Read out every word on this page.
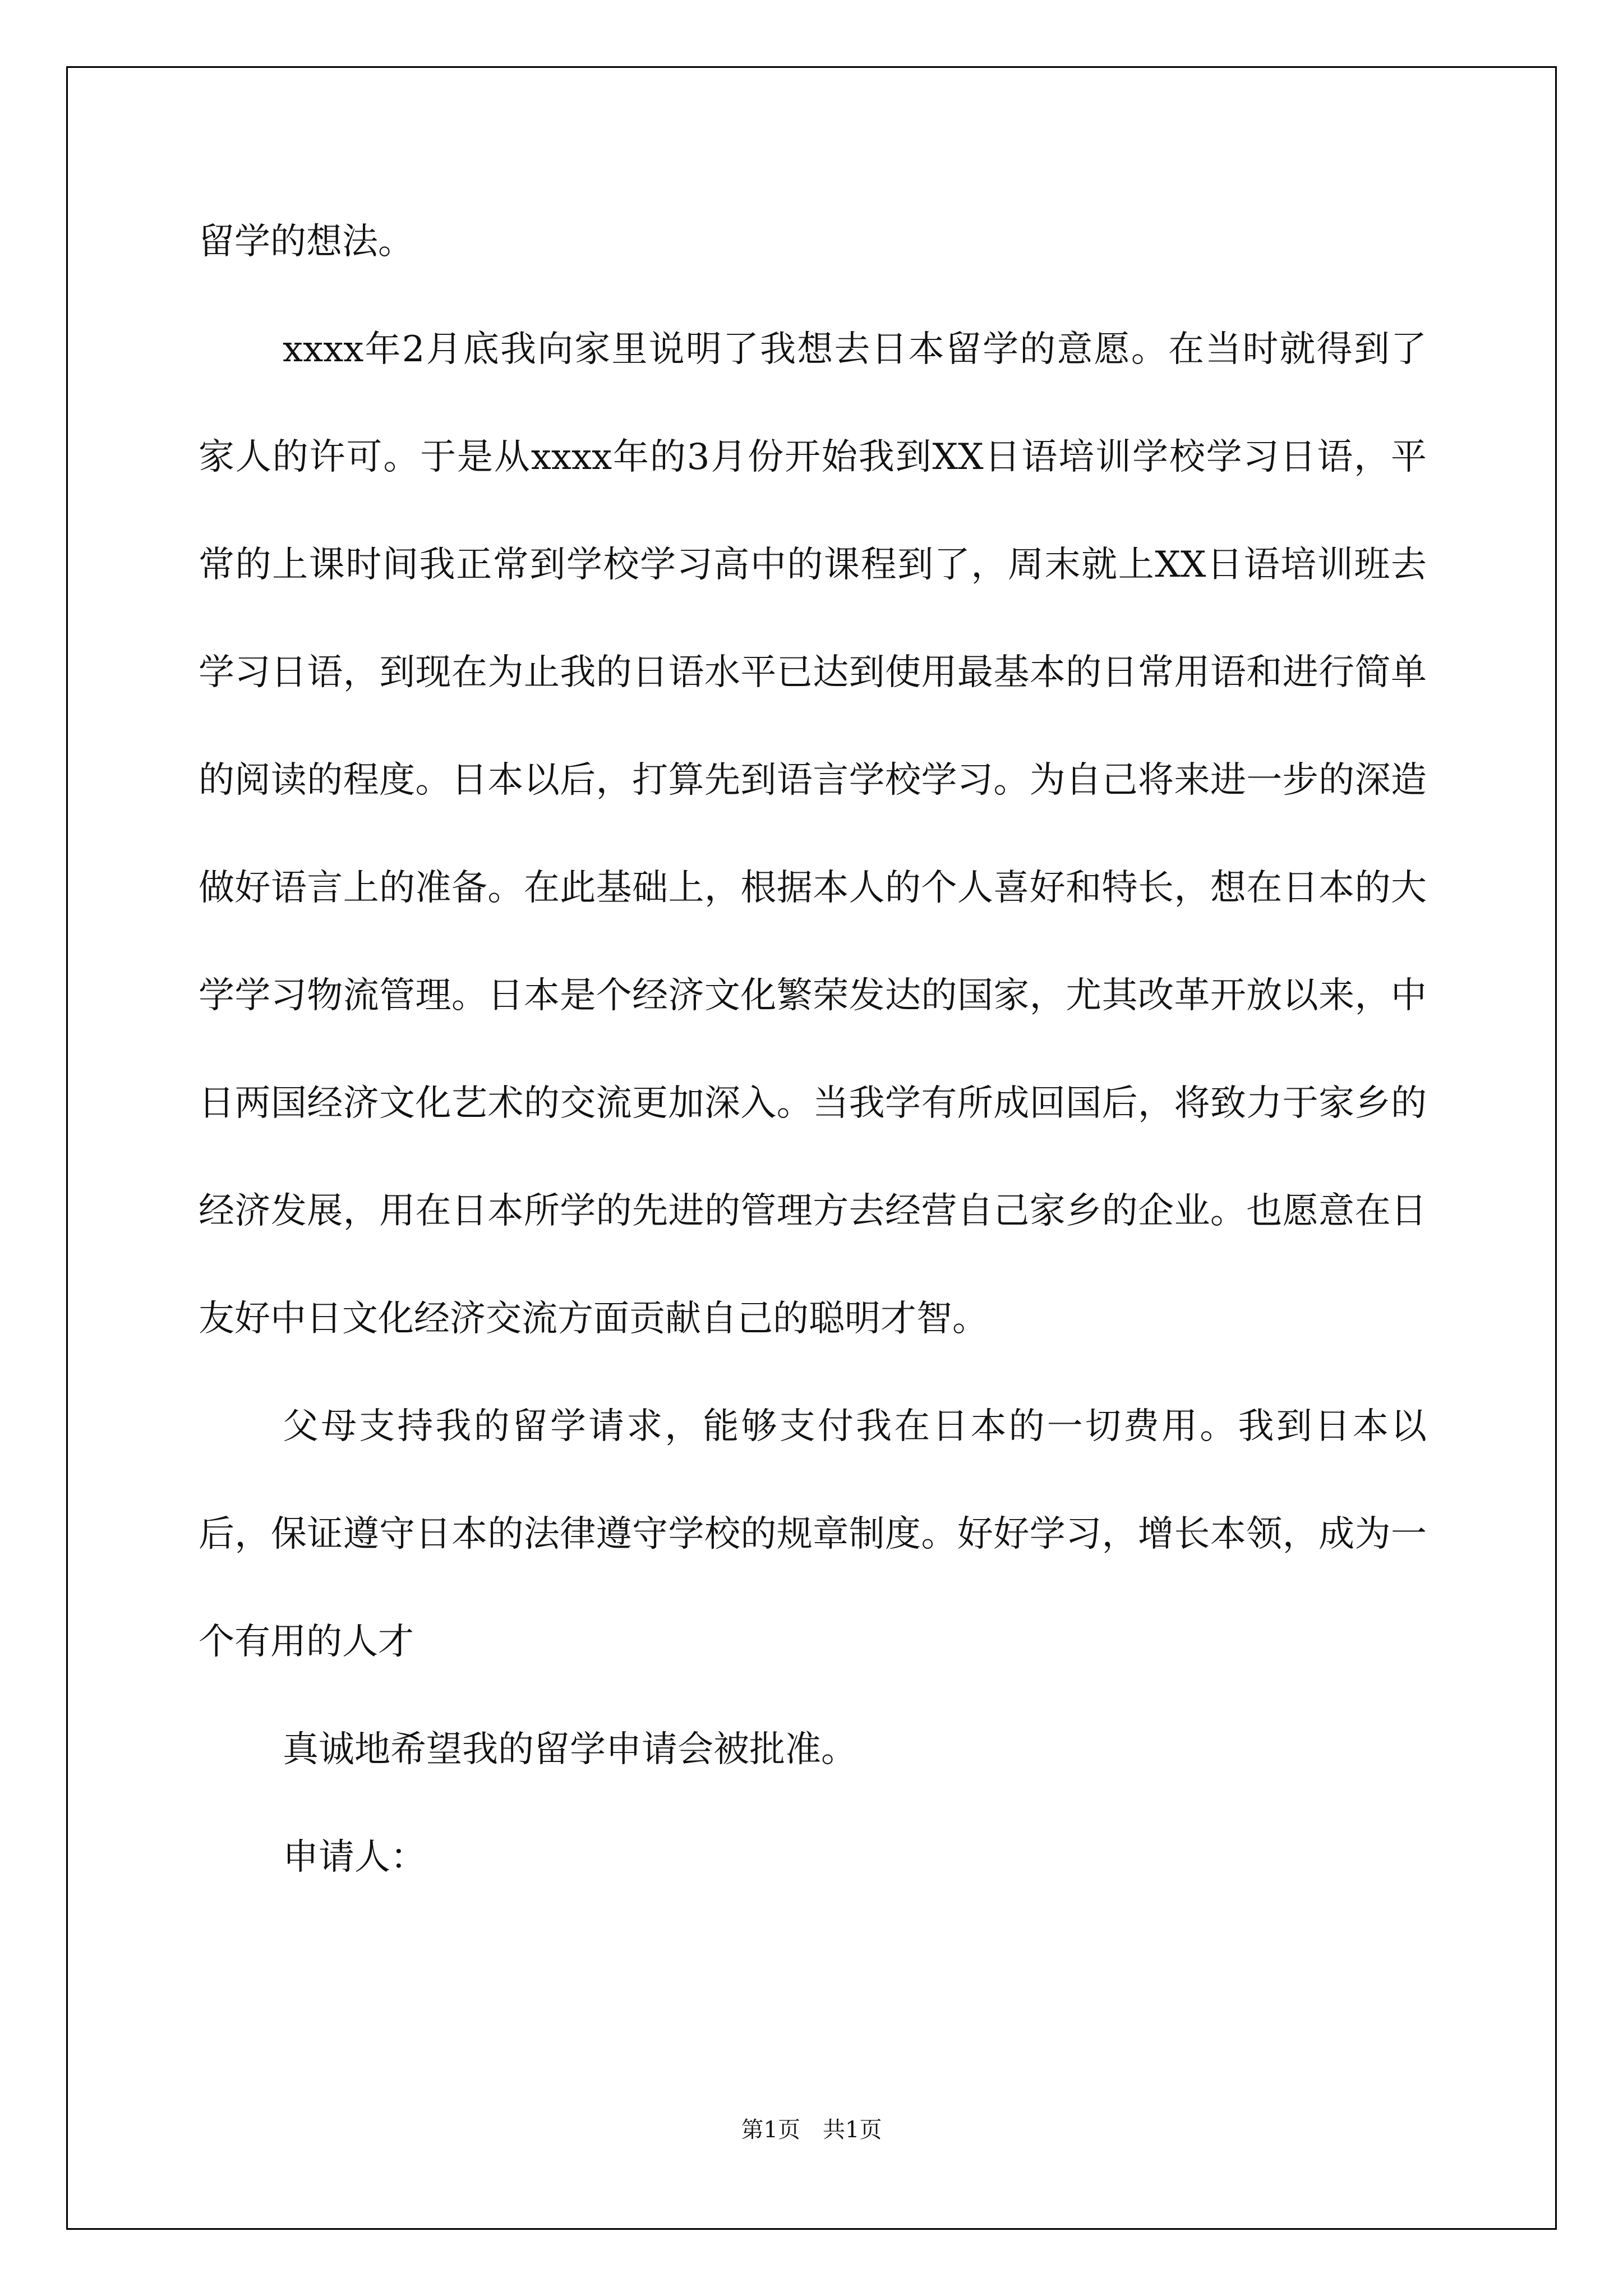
留学的想法。

xxxx年2月底我向家里说明了我想去日本留学的意愿。在当时就得到了家人的许可。于是从xxxx年的3月份开始我到XX日语培训学校学习日语，平常的上课时间我正常到学校学习高中的课程到了，周末就上XX日语培训班去学习日语，到现在为止我的日语水平已达到使用最基本的日常用语和进行简单的阅读的程度。日本以后，打算先到语言学校学习。为自己将来进一步的深造做好语言上的准备。在此基础上，根据本人的个人喜好和特长，想在日本的大学学习物流管理。日本是个经济文化繁荣发达的国家，尤其改革开放以来，中日两国经济文化艺术的交流更加深入。当我学有所成回国后，将致力于家乡的经济发展，用在日本所学的先进的管理方去经营自己家乡的企业。也愿意在日友好中日文化经济交流方面贡献自己的聪明才智。

父母支持我的留学请求，能够支付我在日本的一切费用。我到日本以后，保证遵守日本的法律遵守学校的规章制度。好好学习，增长本领，成为一个有用的人才

真诚地希望我的留学申请会被批准。

申请人：

第1页　共1页
